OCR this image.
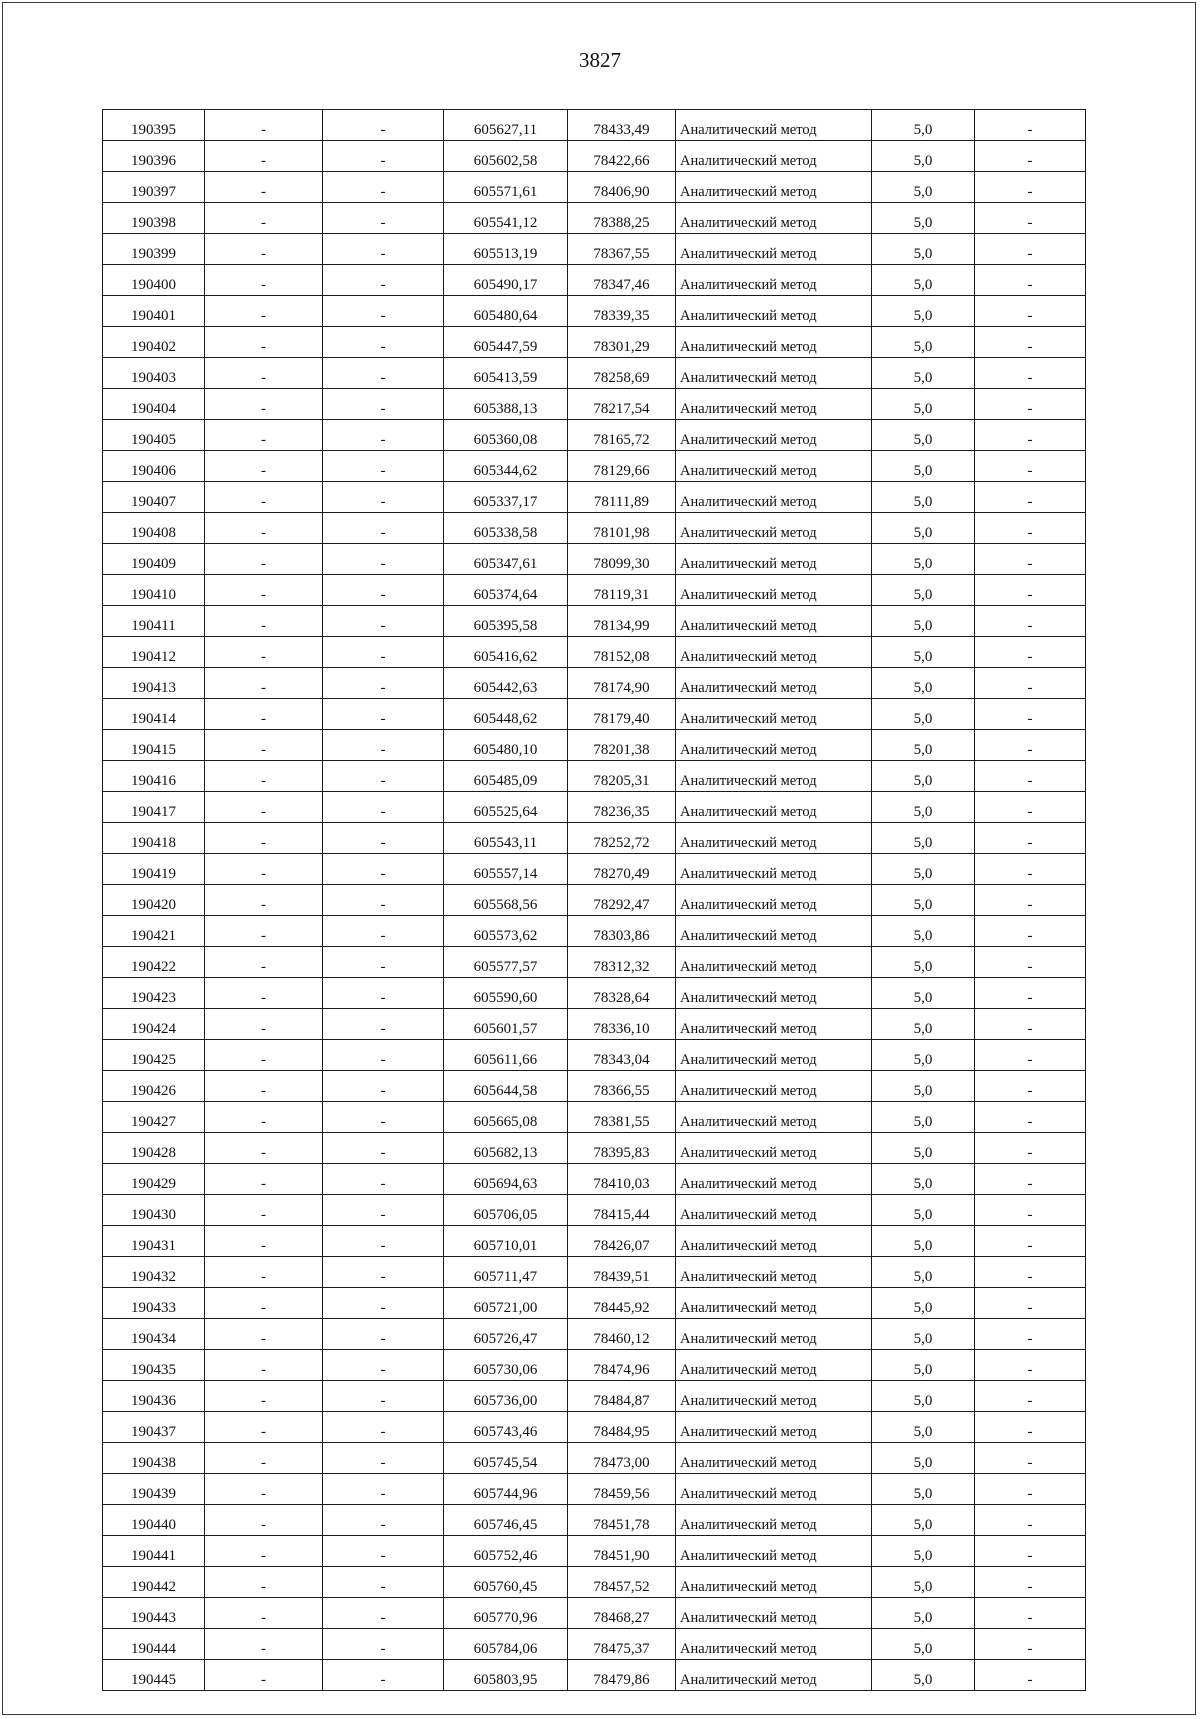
3827
190395	-	-	605627,11	78433,49	Аналитический метод	5,0	-
190396	-	-	605602,58	78422,66	Аналитический метод	5,0	-
190397	-	-	605571,61	78406,90	Аналитический метод	5,0	-
190398	-	-	605541,12	78388,25	Аналитический метод	5,0	-
190399	-	-	605513,19	78367,55	Аналитический метод	5,0	-
190400	-	-	605490,17	78347,46	Аналитический метод	5,0	-
190401	-	-	605480,64	78339,35	Аналитический метод	5,0	-
190402	-	-	605447,59	78301,29	Аналитический метод	5,0	-
190403	-	-	605413,59	78258,69	Аналитический метод	5,0	-
190404	-	-	605388,13	78217,54	Аналитический метод	5,0	-
190405	-	-	605360,08	78165,72	Аналитический метод	5,0	-
190406	-	-	605344,62	78129,66	Аналитический метод	5,0	-
190407	-	-	605337,17	78111,89	Аналитический метод	5,0	-
190408	-	-	605338,58	78101,98	Аналитический метод	5,0	-
190409	-	-	605347,61	78099,30	Аналитический метод	5,0	-
190410	-	-	605374,64	78119,31	Аналитический метод	5,0	-
190411	-	-	605395,58	78134,99	Аналитический метод	5,0	-
190412	-	-	605416,62	78152,08	Аналитический метод	5,0	-
190413	-	-	605442,63	78174,90	Аналитический метод	5,0	-
190414	-	-	605448,62	78179,40	Аналитический метод	5,0	-
190415	-	-	605480,10	78201,38	Аналитический метод	5,0	-
190416	-	-	605485,09	78205,31	Аналитический метод	5,0	-
190417	-	-	605525,64	78236,35	Аналитический метод	5,0	-
190418	-	-	605543,11	78252,72	Аналитический метод	5,0	-
190419	-	-	605557,14	78270,49	Аналитический метод	5,0	-
190420	-	-	605568,56	78292,47	Аналитический метод	5,0	-
190421	-	-	605573,62	78303,86	Аналитический метод	5,0	-
190422	-	-	605577,57	78312,32	Аналитический метод	5,0	-
190423	-	-	605590,60	78328,64	Аналитический метод	5,0	-
190424	-	-	605601,57	78336,10	Аналитический метод	5,0	-
190425	-	-	605611,66	78343,04	Аналитический метод	5,0	-
190426	-	-	605644,58	78366,55	Аналитический метод	5,0	-
190427	-	-	605665,08	78381,55	Аналитический метод	5,0	-
190428	-	-	605682,13	78395,83	Аналитический метод	5,0	-
190429	-	-	605694,63	78410,03	Аналитический метод	5,0	-
190430	-	-	605706,05	78415,44	Аналитический метод	5,0	-
190431	-	-	605710,01	78426,07	Аналитический метод	5,0	-
190432	-	-	605711,47	78439,51	Аналитический метод	5,0	-
190433	-	-	605721,00	78445,92	Аналитический метод	5,0	-
190434	-	-	605726,47	78460,12	Аналитический метод	5,0	-
190435	-	-	605730,06	78474,96	Аналитический метод	5,0	-
190436	-	-	605736,00	78484,87	Аналитический метод	5,0	-
190437	-	-	605743,46	78484,95	Аналитический метод	5,0	-
190438	-	-	605745,54	78473,00	Аналитический метод	5,0	-
190439	-	-	605744,96	78459,56	Аналитический метод	5,0	-
190440	-	-	605746,45	78451,78	Аналитический метод	5,0	-
190441	-	-	605752,46	78451,90	Аналитический метод	5,0	-
190442	-	-	605760,45	78457,52	Аналитический метод	5,0	-
190443	-	-	605770,96	78468,27	Аналитический метод	5,0	-
190444	-	-	605784,06	78475,37	Аналитический метод	5,0	-
190445	-	-	605803,95	78479,86	Аналитический метод	5,0	-
